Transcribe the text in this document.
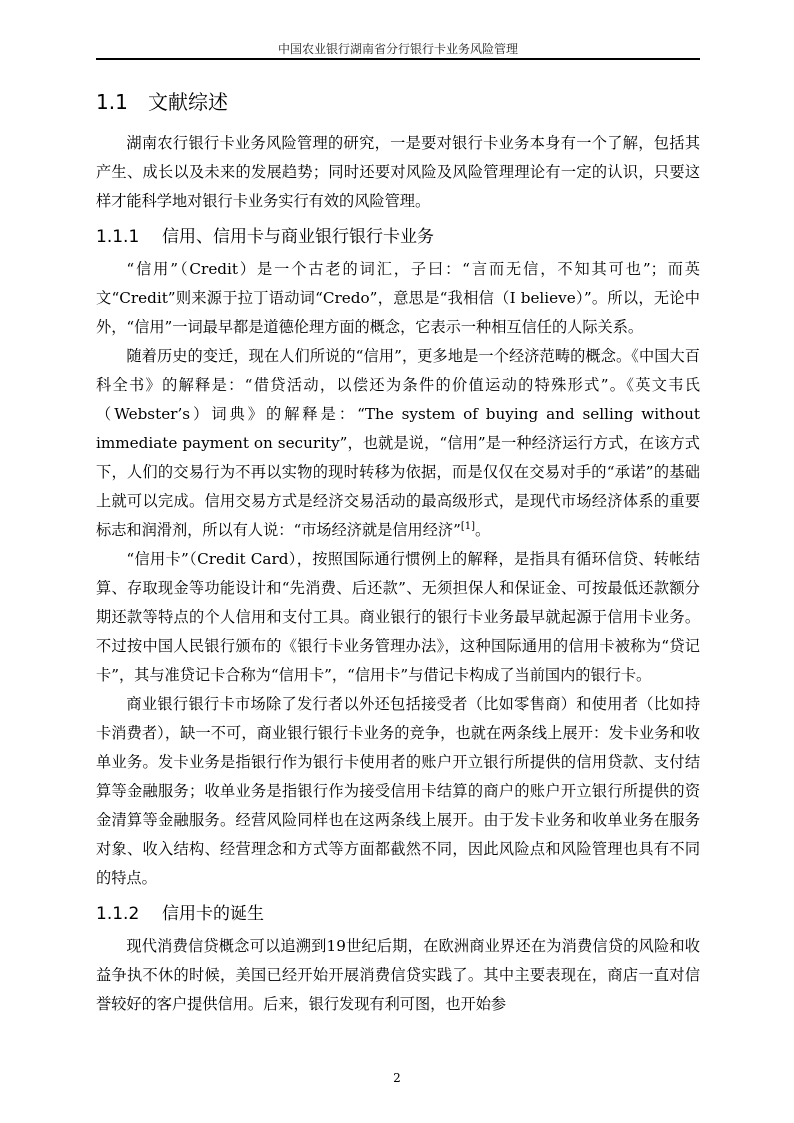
中国农业银行湖南省分行银行卡业务风险管理
1.1 文献综述

湖南农行银行卡业务风险管理的研究，一是要对银行卡业务本身有一个了解，包括其产生、成长以及未来的发展趋势；同时还要对风险及风险管理理论有一定的认识，只要这样才能科学地对银行卡业务实行有效的风险管理。

1.1.1 信用、信用卡与商业银行银行卡业务

“信用”（Credit）是一个古老的词汇，子曰：“言而无信，不知其可也”；而英文“Credit”则来源于拉丁语动词“Credo”，意思是“我相信（I believe）”。所以，无论中外，“信用”一词最早都是道德伦理方面的概念，它表示一种相互信任的人际关系。

随着历史的变迁，现在人们所说的“信用”，更多地是一个经济范畴的概念。《中国大百科全书》的解释是：“借贷活动，以偿还为条件的价值运动的特殊形式”。《英文韦氏（Webster’s）词典》的解释是：“The system of buying and selling without immediate payment on security”，也就是说，“信用”是一种经济运行方式，在该方式下，人们的交易行为不再以实物的现时转移为依据，而是仅仅在交易对手的“承诺”的基础上就可以完成。信用交易方式是经济交易活动的最高级形式，是现代市场经济体系的重要标志和润滑剂，所以有人说：“市场经济就是信用经济”[1]。

“信用卡”（Credit Card），按照国际通行惯例上的解释，是指具有循环信贷、转帐结算、存取现金等功能设计和“先消费、后还款”、无须担保人和保证金、可按最低还款额分期还款等特点的个人信用和支付工具。商业银行的银行卡业务最早就起源于信用卡业务。不过按中国人民银行颁布的《银行卡业务管理办法》，这种国际通用的信用卡被称为“贷记卡”，其与准贷记卡合称为“信用卡”，“信用卡”与借记卡构成了当前国内的银行卡。

商业银行银行卡市场除了发行者以外还包括接受者（比如零售商）和使用者（比如持卡消费者），缺一不可，商业银行银行卡业务的竞争，也就在两条线上展开：发卡业务和收单业务。发卡业务是指银行作为银行卡使用者的账户开立银行所提供的信用贷款、支付结算等金融服务；收单业务是指银行作为接受信用卡结算的商户的账户开立银行所提供的资金清算等金融服务。经营风险同样也在这两条线上展开。由于发卡业务和收单业务在服务对象、收入结构、经营理念和方式等方面都截然不同，因此风险点和风险管理也具有不同的特点。

1.1.2 信用卡的诞生

现代消费信贷概念可以追溯到19世纪后期，在欧洲商业界还在为消费信贷的风险和收益争执不休的时候，美国已经开始开展消费信贷实践了。其中主要表现在，商店一直对信誉较好的客户提供信用。后来，银行发现有利可图，也开始参

2
